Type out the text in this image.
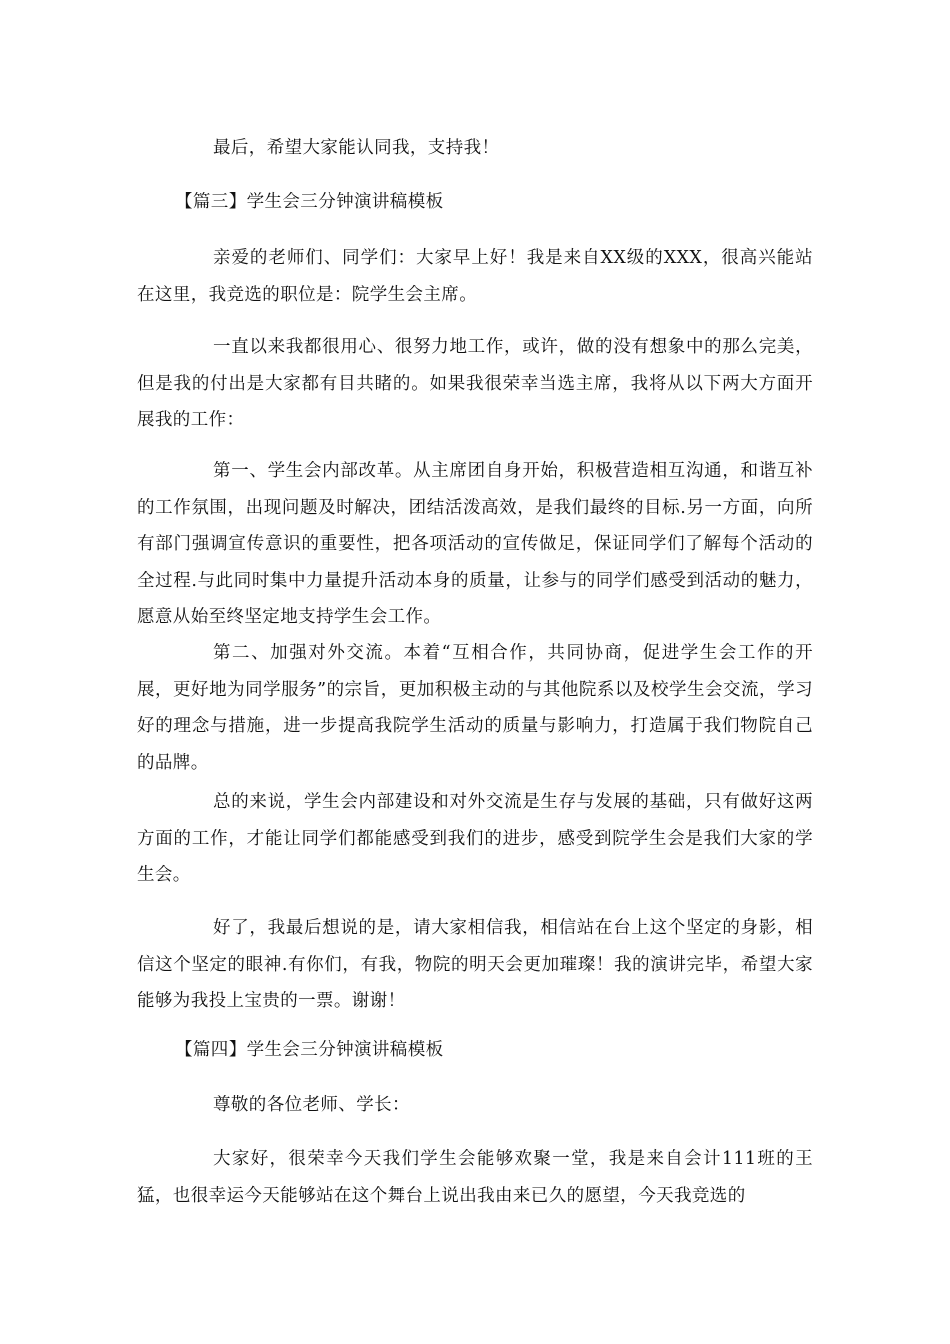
最后，希望大家能认同我，支持我！

【篇三】学生会三分钟演讲稿模板

亲爱的老师们、同学们：大家早上好！我是来自XX级的XXX，很高兴能站在这里，我竞选的职位是：院学生会主席。

一直以来我都很用心、很努力地工作，或许，做的没有想象中的那么完美，但是我的付出是大家都有目共睹的。如果我很荣幸当选主席，我将从以下两大方面开展我的工作：

第一、学生会内部改革。从主席团自身开始，积极营造相互沟通，和谐互补的工作氛围，出现问题及时解决，团结活泼高效，是我们最终的目标.另一方面，向所有部门强调宣传意识的重要性，把各项活动的宣传做足，保证同学们了解每个活动的全过程.与此同时集中力量提升活动本身的质量，让参与的同学们感受到活动的魅力，愿意从始至终坚定地支持学生会工作。

第二、加强对外交流。本着“互相合作，共同协商，促进学生会工作的开展，更好地为同学服务”的宗旨，更加积极主动的与其他院系以及校学生会交流，学习好的理念与措施，进一步提高我院学生活动的质量与影响力，打造属于我们物院自己的品牌。

总的来说，学生会内部建设和对外交流是生存与发展的基础，只有做好这两方面的工作，才能让同学们都能感受到我们的进步，感受到院学生会是我们大家的学生会。

好了，我最后想说的是，请大家相信我，相信站在台上这个坚定的身影，相信这个坚定的眼神.有你们，有我，物院的明天会更加璀璨！我的演讲完毕，希望大家能够为我投上宝贵的一票。谢谢！

【篇四】学生会三分钟演讲稿模板

尊敬的各位老师、学长：

大家好，很荣幸今天我们学生会能够欢聚一堂，我是来自会计111班的王猛，也很幸运今天能够站在这个舞台上说出我由来已久的愿望，今天我竞选的
